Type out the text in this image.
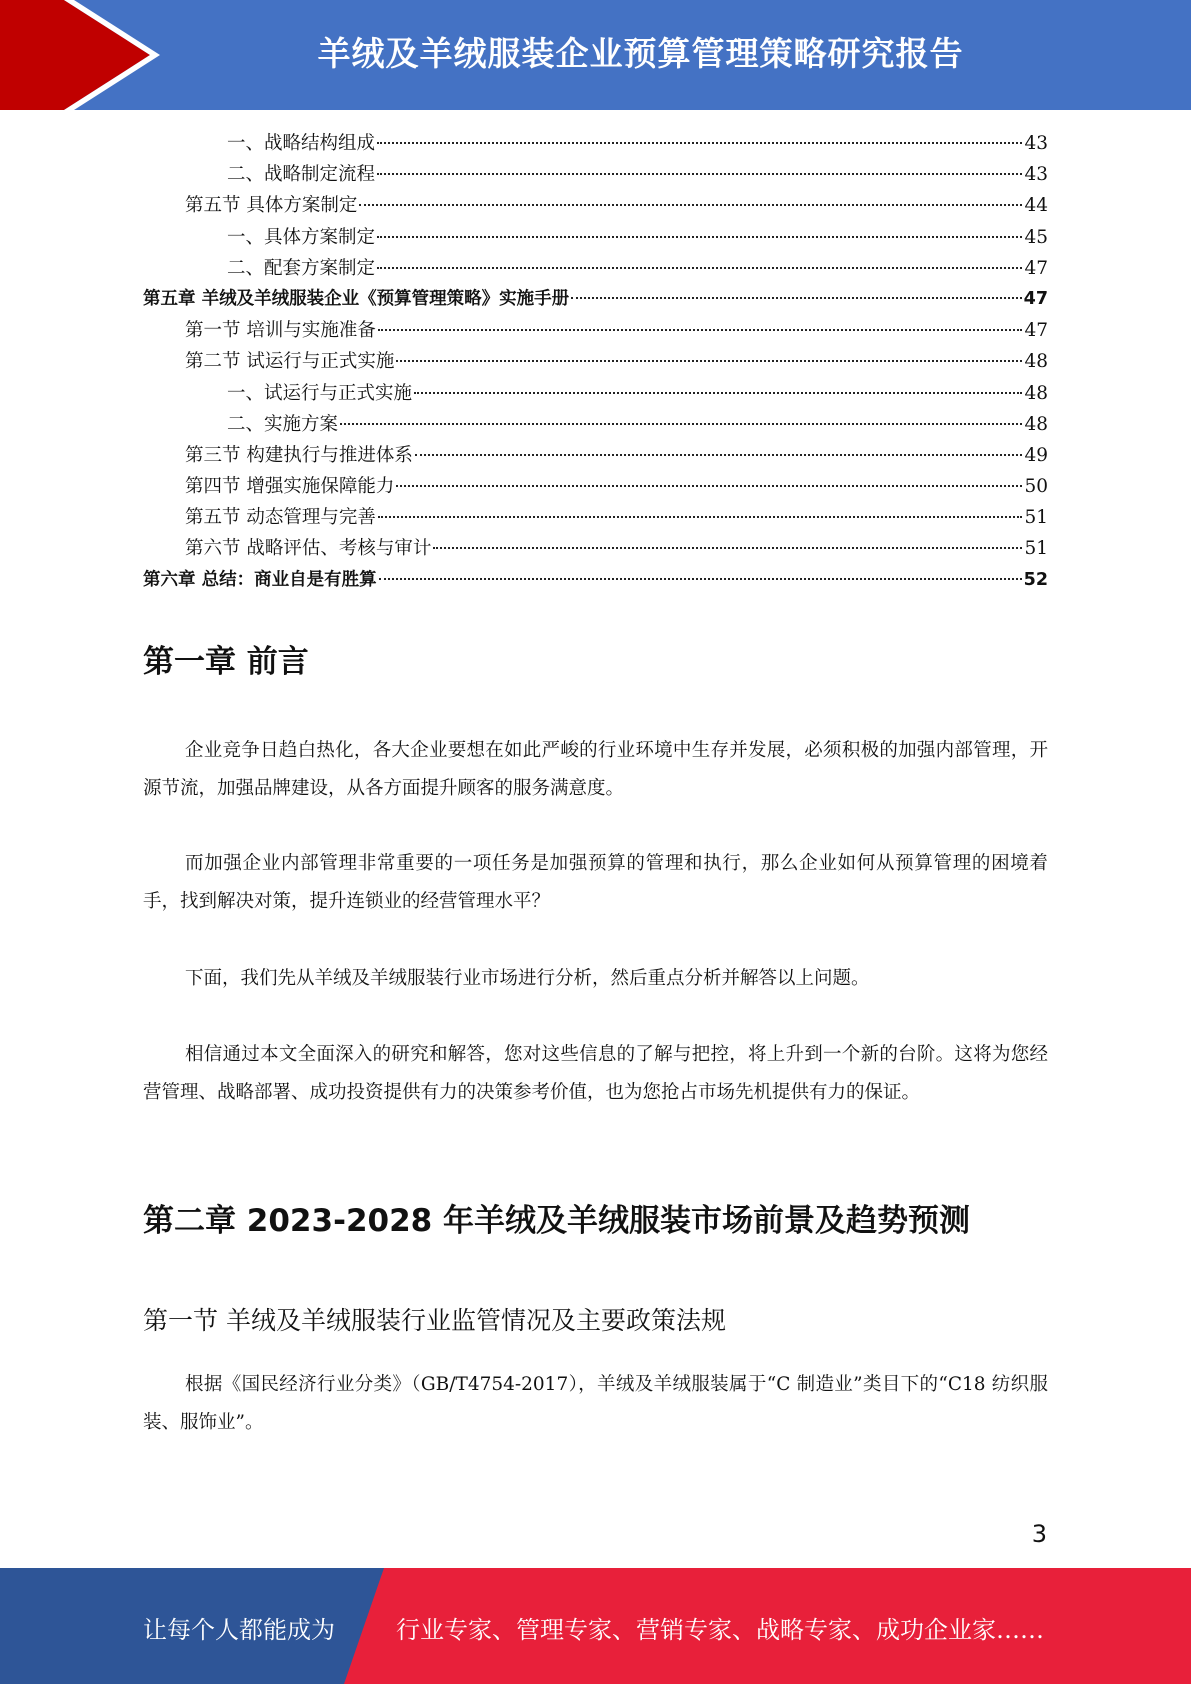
羊绒及羊绒服装企业预算管理策略研究报告
一、战略结构组成	43
二、战略制定流程	43
第五节 具体方案制定	44
一、具体方案制定	45
二、配套方案制定	47
第五章 羊绒及羊绒服装企业《预算管理策略》实施手册	47
第一节 培训与实施准备	47
第二节 试运行与正式实施	48
一、试运行与正式实施	48
二、实施方案	48
第三节 构建执行与推进体系	49
第四节 增强实施保障能力	50
第五节 动态管理与完善	51
第六节 战略评估、考核与审计	51
第六章 总结：商业自是有胜算	52
第一章 前言

企业竞争日趋白热化，各大企业要想在如此严峻的行业环境中生存并发展，必须积极的加强内部管理，开源节流，加强品牌建设，从各方面提升顾客的服务满意度。

而加强企业内部管理非常重要的一项任务是加强预算的管理和执行，那么企业如何从预算管理的困境着手，找到解决对策，提升连锁业的经营管理水平？

下面，我们先从羊绒及羊绒服装行业市场进行分析，然后重点分析并解答以上问题。

相信通过本文全面深入的研究和解答，您对这些信息的了解与把控，将上升到一个新的台阶。这将为您经营管理、战略部署、成功投资提供有力的决策参考价值，也为您抢占市场先机提供有力的保证。

第二章 2023-2028 年羊绒及羊绒服装市场前景及趋势预测
第一节 羊绒及羊绒服装行业监管情况及主要政策法规

根据《国民经济行业分类》（GB/T4754-2017），羊绒及羊绒服装属于“C 制造业”类目下的“C18 纺织服装、服饰业”。

3
让每个人都能成为	行业专家、管理专家、营销专家、战略专家、成功企业家……
